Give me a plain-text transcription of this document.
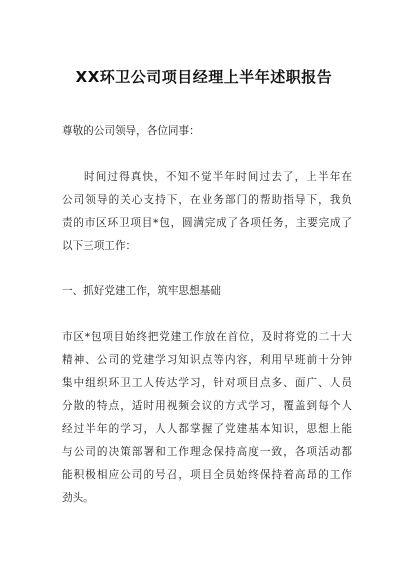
XX环卫公司项目经理上半年述职报告
尊敬的公司领导，各位同事：
时间过得真快，不知不觉半年时间过去了，上半年在
公司领导的关心支持下，在业务部门的帮助指导下，我负
责的市区环卫项目*包，圆满完成了各项任务，主要完成了
以下三项工作：
一、抓好党建工作，筑牢思想基础
市区*包项目始终把党建工作放在首位，及时将党的二十大
精神、公司的党建学习知识点等内容，利用早班前十分钟
集中组织环卫工人传达学习，针对项目点多、面广、人员
分散的特点，适时用视频会议的方式学习，覆盖到每个人
经过半年的学习，人人都掌握了党建基本知识，思想上能
与公司的决策部署和工作理念保持高度一致，各项活动都
能积极相应公司的号召，项目全员始终保持着高昂的工作
劲头。
